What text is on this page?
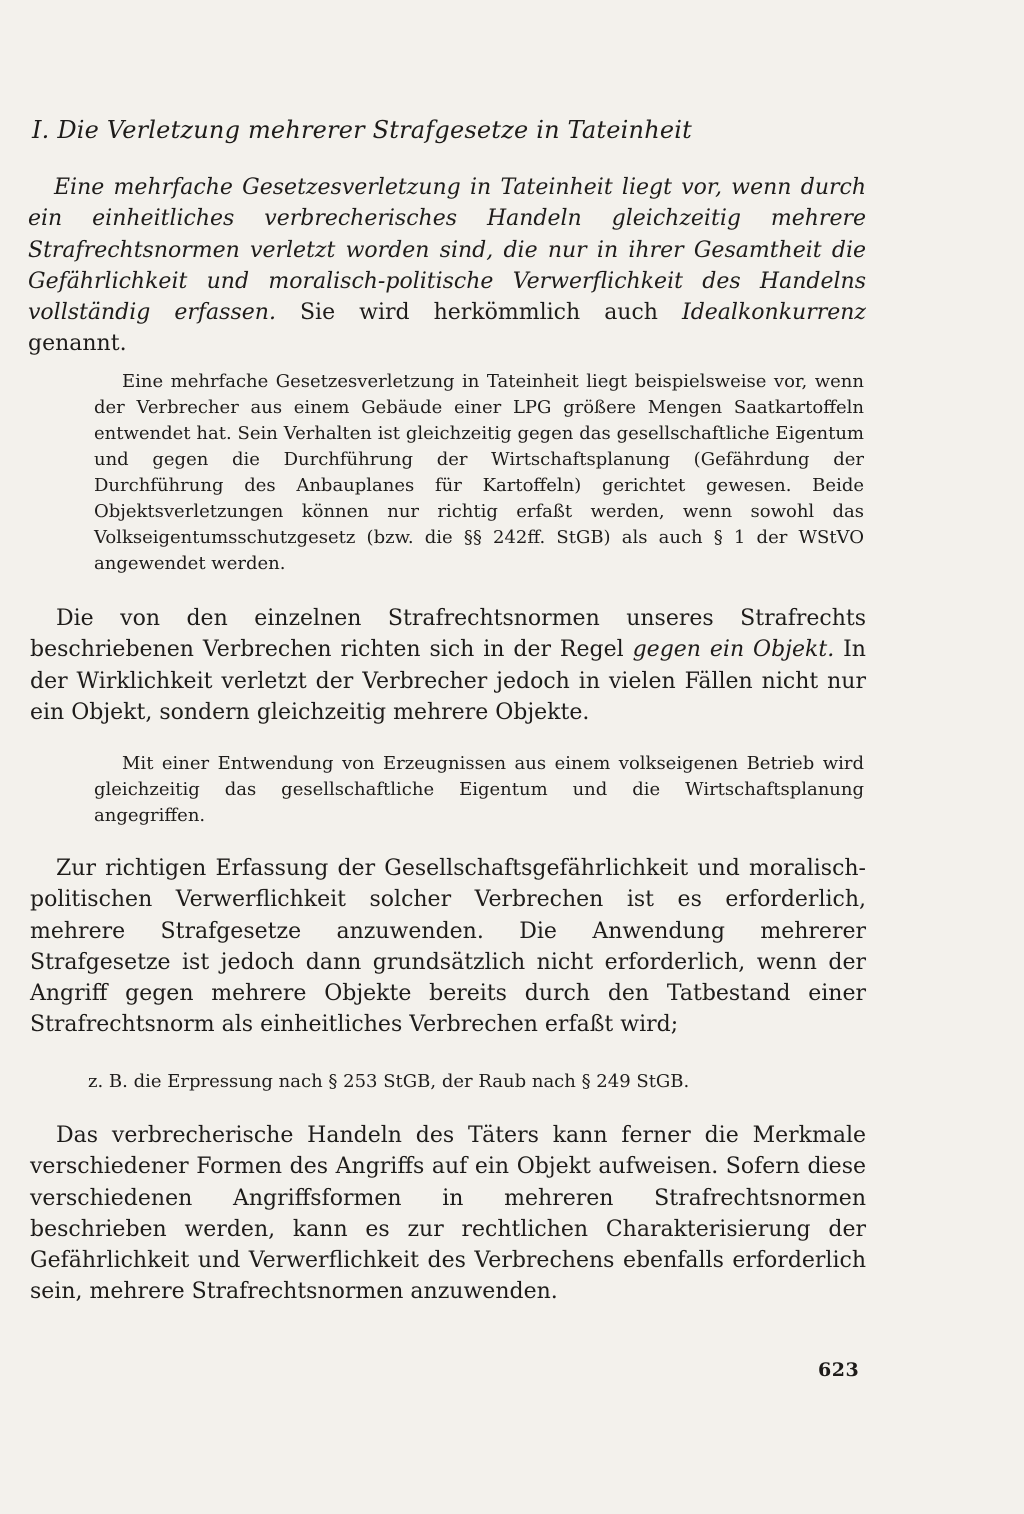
I. Die Verletzung mehrerer Strafgesetze in Tateinheit
Eine mehrfache Gesetzesverletzung in Tateinheit liegt vor, wenn durch ein einheitliches verbrecherisches Handeln gleichzeitig mehrere Strafrechtsnormen verletzt worden sind, die nur in ihrer Gesamtheit die Gefährlichkeit und moralisch-politische Verwerflichkeit des Handelns vollständig erfassen. Sie wird herkömmlich auch Idealkonkurrenz genannt.
Eine mehrfache Gesetzesverletzung in Tateinheit liegt beispielsweise vor, wenn der Verbrecher aus einem Gebäude einer LPG größere Mengen Saatkartoffeln entwendet hat. Sein Verhalten ist gleichzeitig gegen das gesellschaftliche Eigentum und gegen die Durchführung der Wirtschaftsplanung (Gefährdung der Durchführung des Anbauplanes für Kartoffeln) gerichtet gewesen. Beide Objektsverletzungen können nur richtig erfaßt werden, wenn sowohl das Volkseigentumsschutzgesetz (bzw. die §§ 242ff. StGB) als auch § 1 der WStVO angewendet werden.
Die von den einzelnen Strafrechtsnormen unseres Strafrechts beschriebenen Verbrechen richten sich in der Regel gegen ein Objekt. In der Wirklichkeit verletzt der Verbrecher jedoch in vielen Fällen nicht nur ein Objekt, sondern gleichzeitig mehrere Objekte.
Mit einer Entwendung von Erzeugnissen aus einem volkseigenen Betrieb wird gleichzeitig das gesellschaftliche Eigentum und die Wirtschaftsplanung angegriffen.
Zur richtigen Erfassung der Gesellschaftsgefährlichkeit und moralisch-politischen Verwerflichkeit solcher Verbrechen ist es erforderlich, mehrere Strafgesetze anzuwenden. Die Anwendung mehrerer Strafgesetze ist jedoch dann grundsätzlich nicht erforderlich, wenn der Angriff gegen mehrere Objekte bereits durch den Tatbestand einer Strafrechtsnorm als einheitliches Verbrechen erfaßt wird;
z. B. die Erpressung nach § 253 StGB, der Raub nach § 249 StGB.
Das verbrecherische Handeln des Täters kann ferner die Merkmale verschiedener Formen des Angriffs auf ein Objekt aufweisen. Sofern diese verschiedenen Angriffsformen in mehreren Strafrechtsnormen beschrieben werden, kann es zur rechtlichen Charakterisierung der Gefährlichkeit und Verwerflichkeit des Verbrechens ebenfalls erforderlich sein, mehrere Strafrechtsnormen anzuwenden.
623
